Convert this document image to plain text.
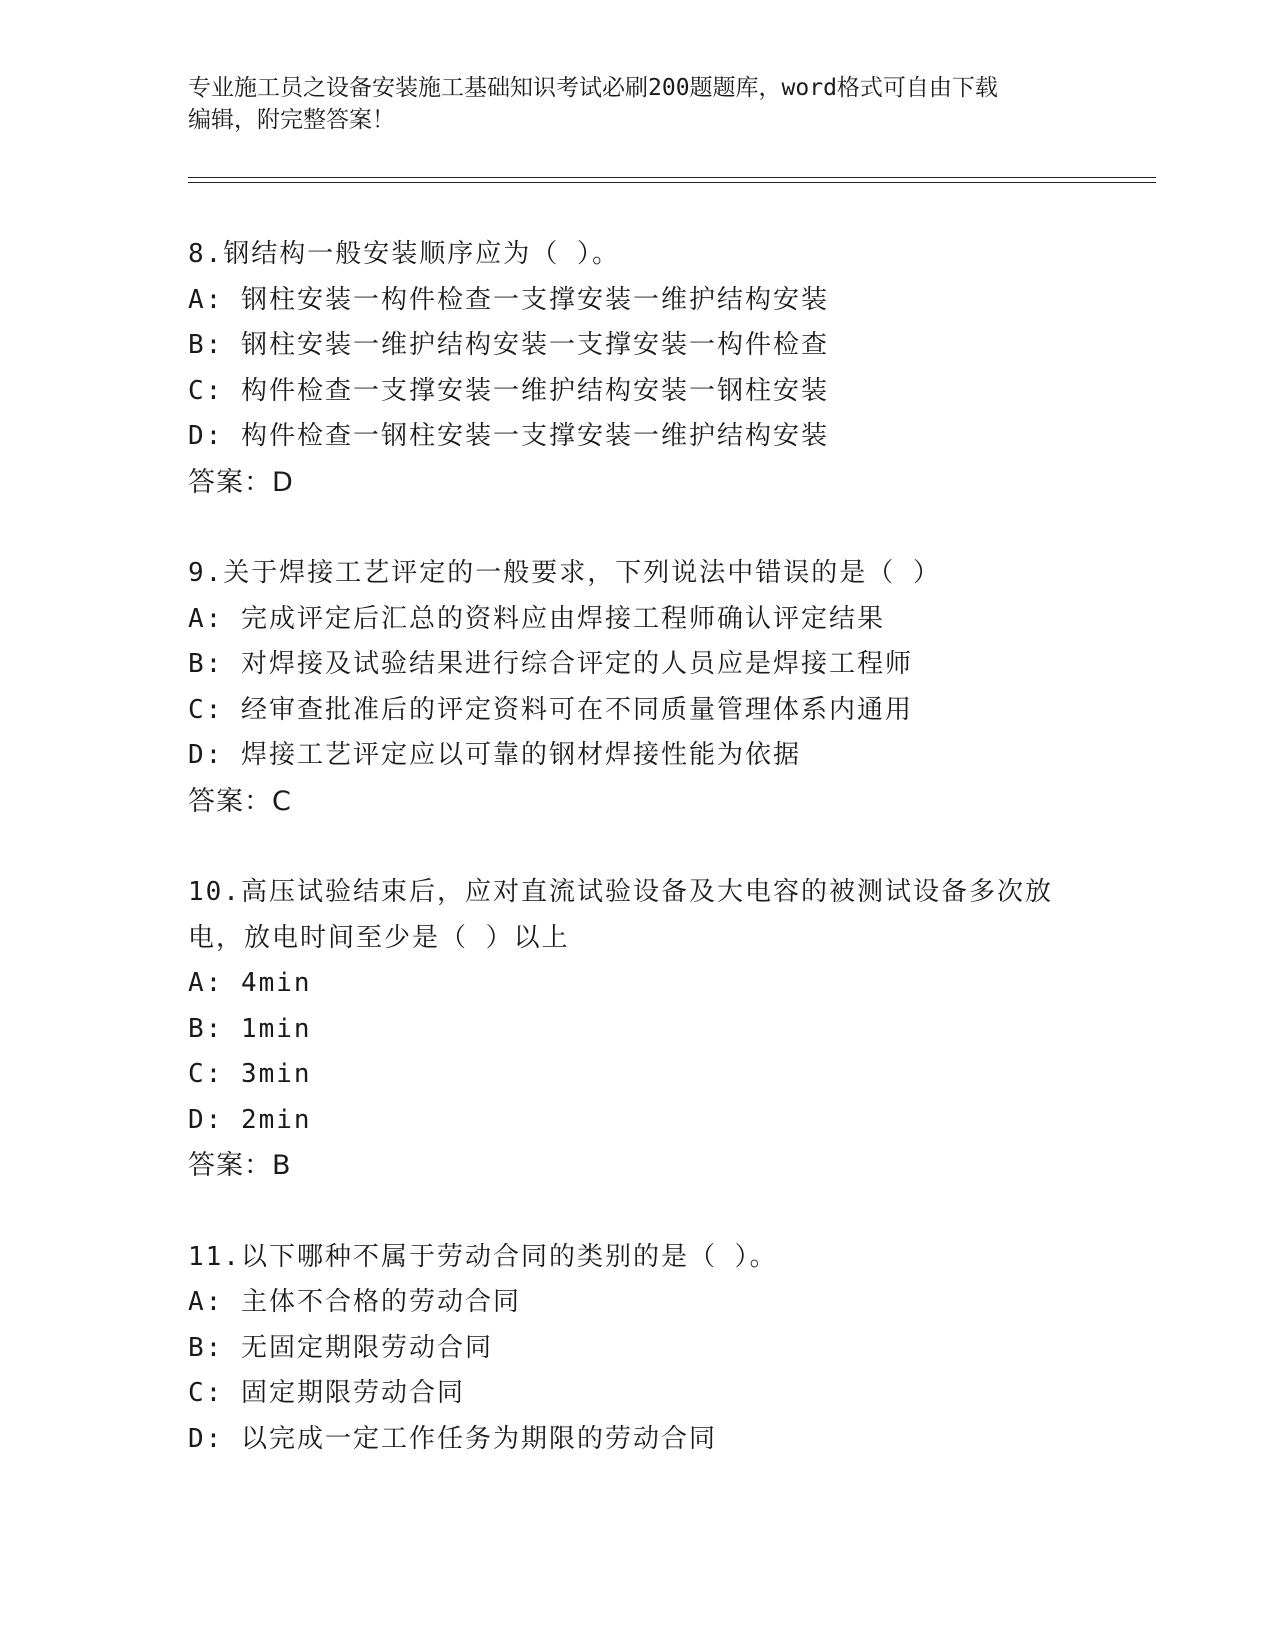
专业施工员之设备安装施工基础知识考试必刷200题题库，word格式可自由下载
编辑，附完整答案！
8.钢结构一般安装顺序应为（ ）。
A: 钢柱安装一构件检查一支撑安装一维护结构安装
B: 钢柱安装一维护结构安装一支撑安装一构件检查
C: 构件检查一支撑安装一维护结构安装一钢柱安装
D: 构件检查一钢柱安装一支撑安装一维护结构安装
答案：D
9.关于焊接工艺评定的一般要求，下列说法中错误的是（ ）
A: 完成评定后汇总的资料应由焊接工程师确认评定结果
B: 对焊接及试验结果进行综合评定的人员应是焊接工程师
C: 经审查批准后的评定资料可在不同质量管理体系内通用
D: 焊接工艺评定应以可靠的钢材焊接性能为依据
答案：C
10.高压试验结束后，应对直流试验设备及大电容的被测试设备多次放电，放电时间至少是（ ）以上
A: 4min
B: 1min
C: 3min
D: 2min
答案：B
11.以下哪种不属于劳动合同的类别的是（ ）。
A: 主体不合格的劳动合同
B: 无固定期限劳动合同
C: 固定期限劳动合同
D: 以完成一定工作任务为期限的劳动合同
